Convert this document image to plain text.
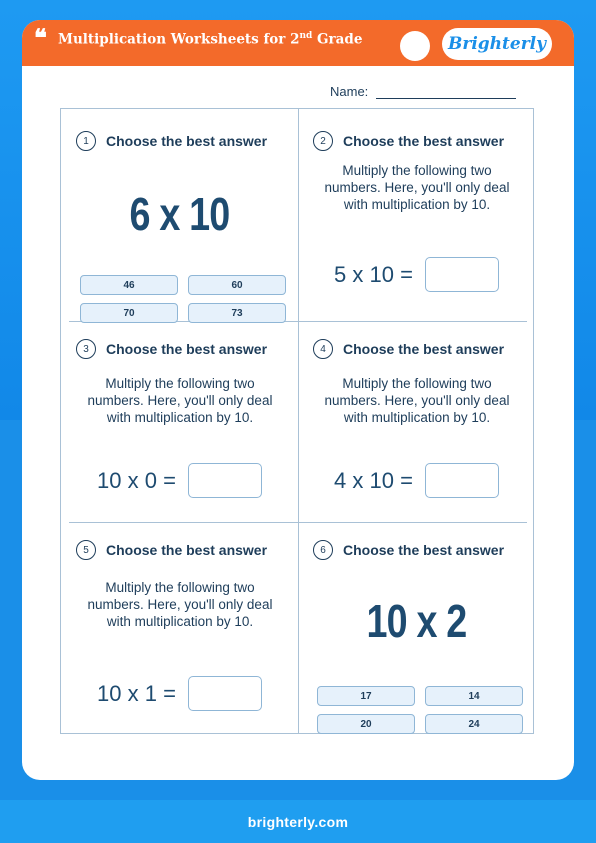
❝ Multiplication Worksheets for 2nd Grade	Brighterly
Name:
1	Choose the best answer
6 x 10
46	60
70	73
2	Choose the best answer
Multiply the following two numbers. Here, you'll only deal with multiplication by 10.
5 x 10 =
3	Choose the best answer
Multiply the following two numbers. Here, you'll only deal with multiplication by 10.
10 x 0 =
4	Choose the best answer
Multiply the following two numbers. Here, you'll only deal with multiplication by 10.
4 x 10 =
5	Choose the best answer
Multiply the following two numbers. Here, you'll only deal with multiplication by 10.
10 x 1 =
6	Choose the best answer
10 x 2
17	14
20	24
brighterly.com
